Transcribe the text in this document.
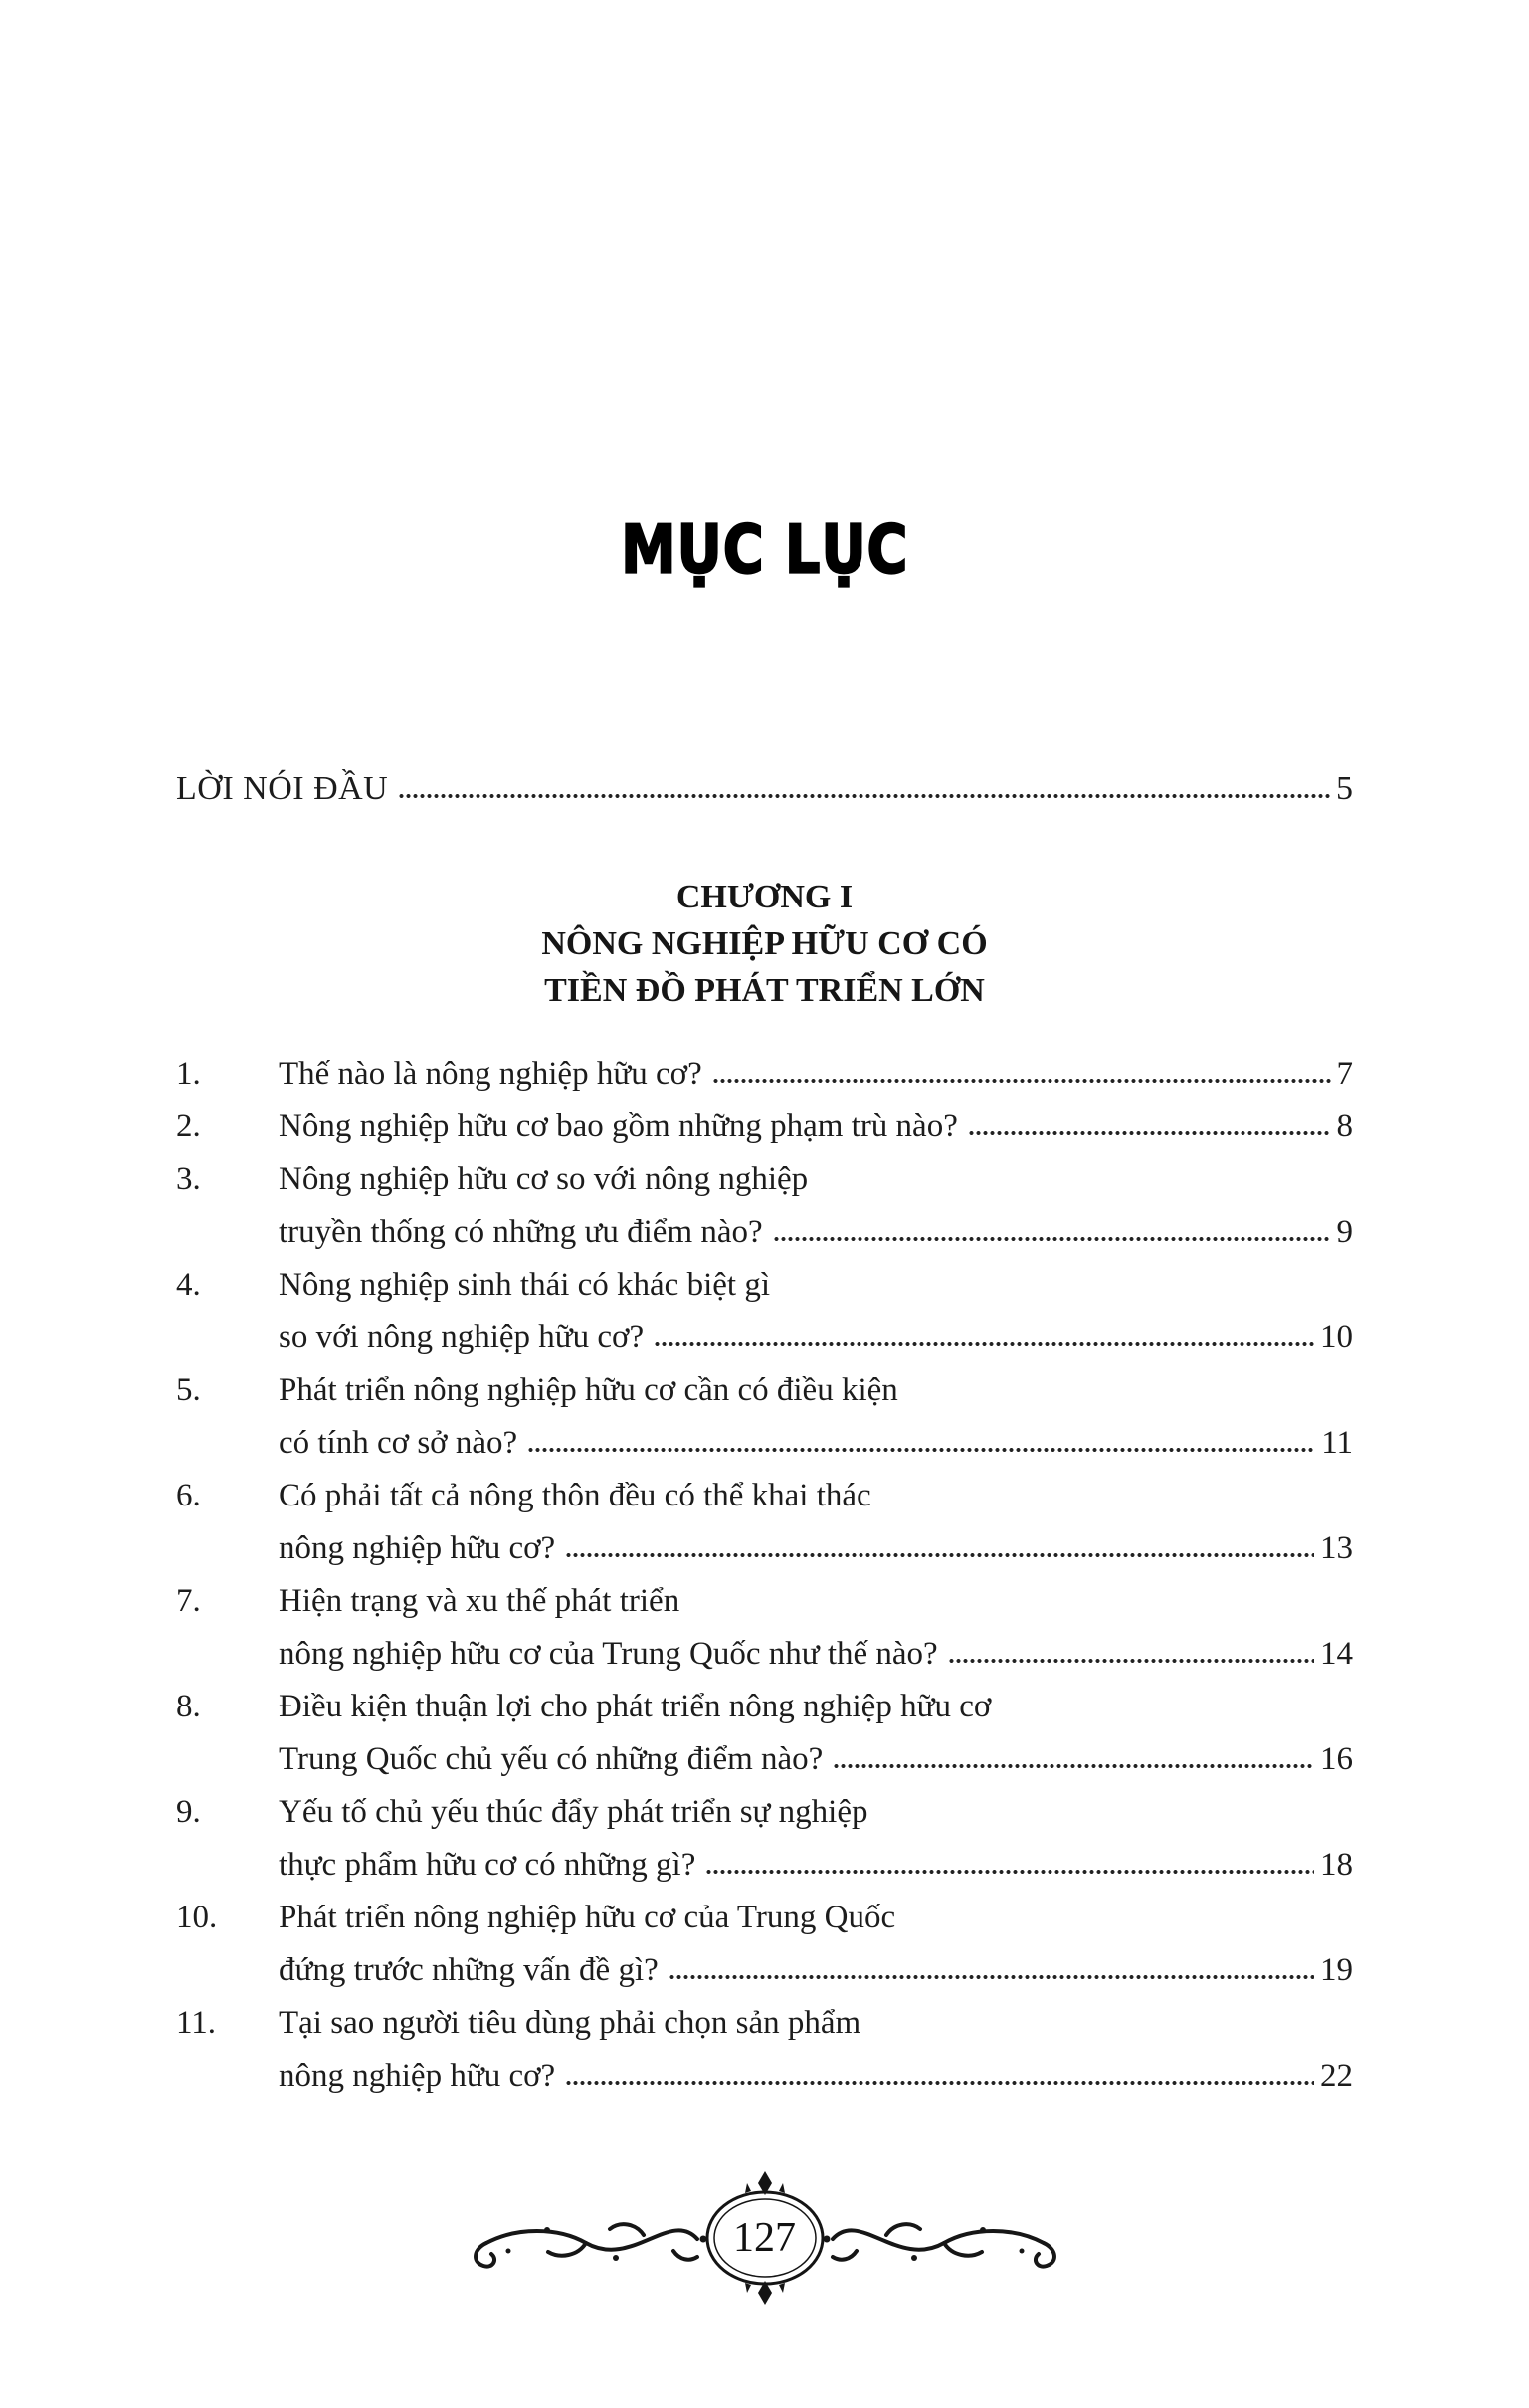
MỤC LỤC
LỜI NÓI ĐẦU	5
CHƯƠNG I
NÔNG NGHIỆP HỮU CƠ CÓ
TIỀN ĐỒ PHÁT TRIỂN LỚN
1.	Thế nào là nông nghiệp hữu cơ?	7
2.	Nông nghiệp hữu cơ bao gồm những phạm trù nào?	8
3.	Nông nghiệp hữu cơ so với nông nghiệp
truyền thống có những ưu điểm nào?	9
4.	Nông nghiệp sinh thái có khác biệt gì
so với nông nghiệp hữu cơ?	10
5.	Phát triển nông nghiệp hữu cơ cần có điều kiện
có tính cơ sở nào?	11
6.	Có phải tất cả nông thôn đều có thể khai thác
nông nghiệp hữu cơ?	13
7.	Hiện trạng và xu thế phát triển
nông nghiệp hữu cơ của Trung Quốc như thế nào?	14
8.	Điều kiện thuận lợi cho phát triển nông nghiệp hữu cơ
Trung Quốc chủ yếu có những điểm nào?	16
9.	Yếu tố chủ yếu thúc đẩy phát triển sự nghiệp
thực phẩm hữu cơ có những gì?	18
10.	Phát triển nông nghiệp hữu cơ của Trung Quốc
đứng trước những vấn đề gì?	19
11.	Tại sao người tiêu dùng phải chọn sản phẩm
nông nghiệp hữu cơ?	22
127
